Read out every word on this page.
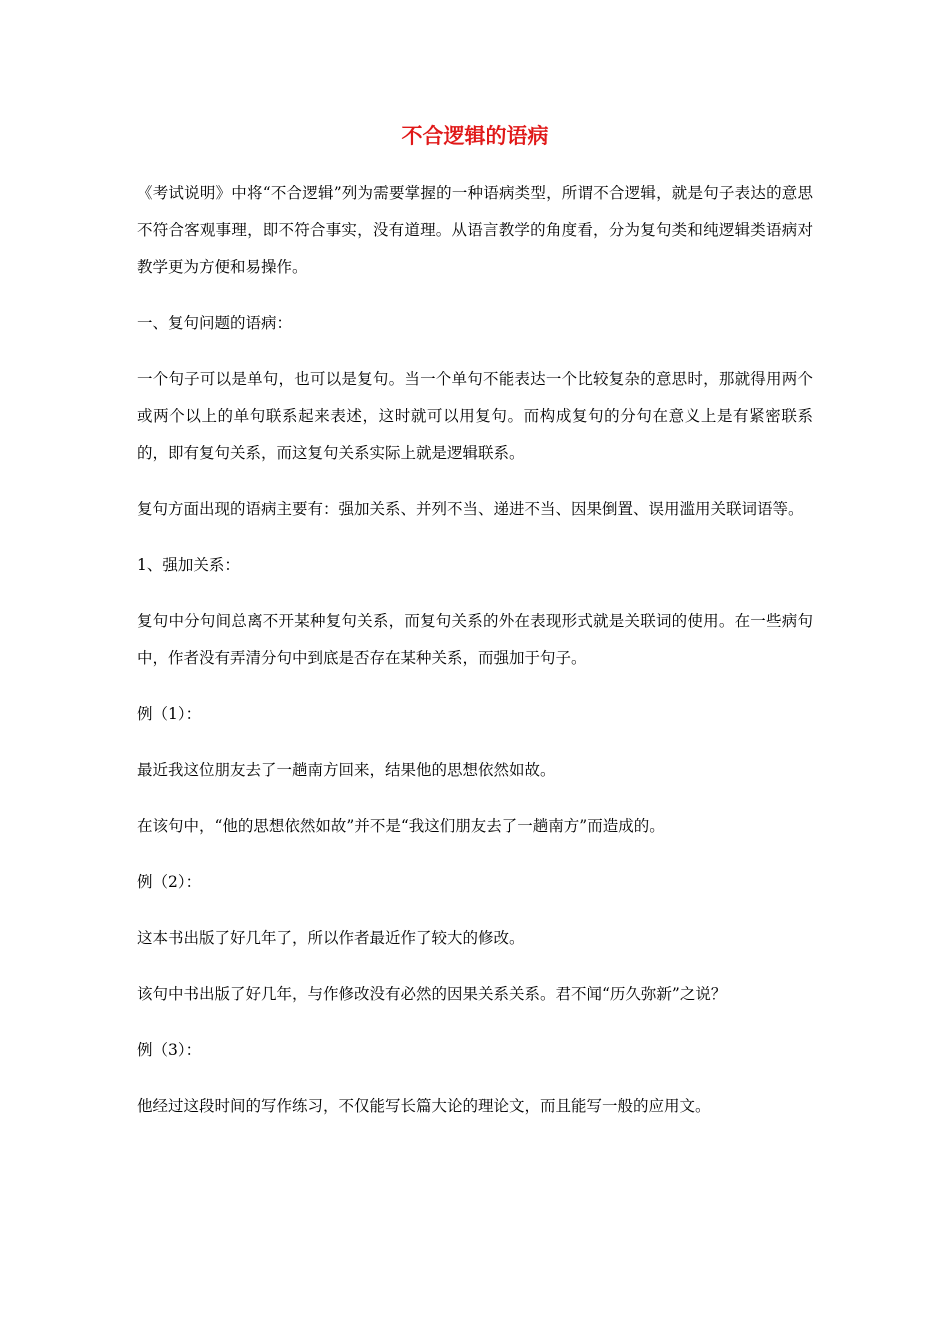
不合逻辑的语病

《考试说明》中将“不合逻辑”列为需要掌握的一种语病类型，所谓不合逻辑，就是句子表达的意思不符合客观事理，即不符合事实，没有道理。从语言教学的角度看，分为复句类和纯逻辑类语病对教学更为方便和易操作。

一、复句问题的语病：

一个句子可以是单句，也可以是复句。当一个单句不能表达一个比较复杂的意思时，那就得用两个或两个以上的单句联系起来表述，这时就可以用复句。而构成复句的分句在意义上是有紧密联系的，即有复句关系，而这复句关系实际上就是逻辑联系。

复句方面出现的语病主要有：强加关系、并列不当、递进不当、因果倒置、误用滥用关联词语等。

1、强加关系：

复句中分句间总离不开某种复句关系，而复句关系的外在表现形式就是关联词的使用。在一些病句中，作者没有弄清分句中到底是否存在某种关系，而强加于句子。

例（1）：

最近我这位朋友去了一趟南方回来，结果他的思想依然如故。

在该句中，“他的思想依然如故”并不是“我这们朋友去了一趟南方”而造成的。

例（2）：

这本书出版了好几年了，所以作者最近作了较大的修改。

该句中书出版了好几年，与作修改没有必然的因果关系关系。君不闻“历久弥新”之说？

例（3）：

他经过这段时间的写作练习，不仅能写长篇大论的理论文，而且能写一般的应用文。
